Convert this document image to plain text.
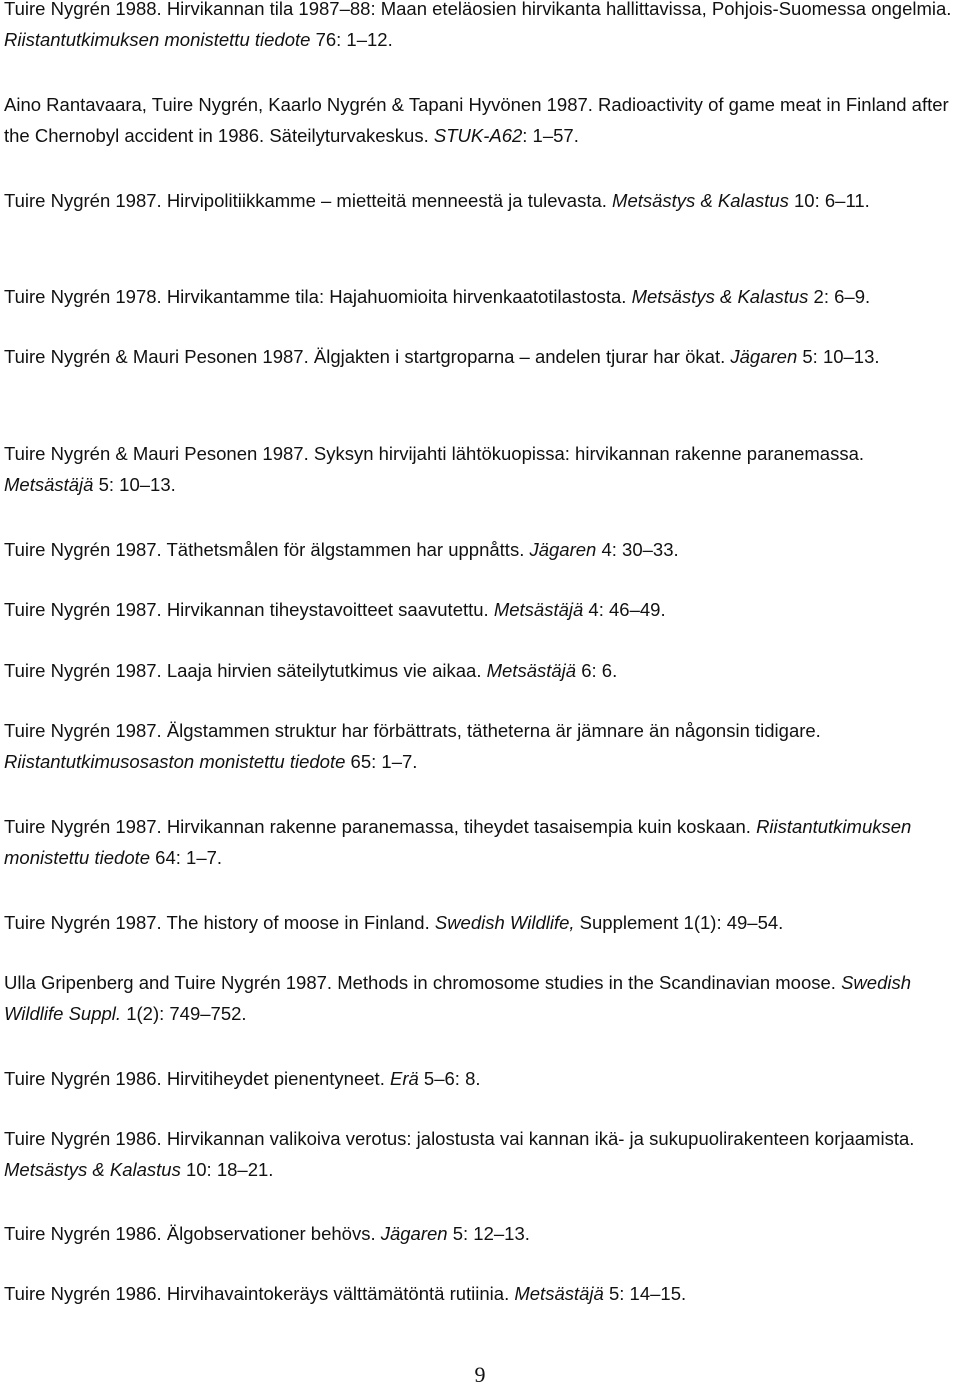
Tuire Nygrén 1988. Hirvikannan tila 1987–88: Maan eteläosien hirvikanta hallittavissa, Pohjois-Suomessa ongelmia. Riistantutkimuksen monistettu tiedote 76: 1–12.

Aino Rantavaara, Tuire Nygrén, Kaarlo Nygrén & Tapani Hyvönen 1987. Radioactivity of game meat in Finland after the Chernobyl accident in 1986. Säteilyturvakeskus. STUK-A62: 1–57.

Tuire Nygrén 1987. Hirvipolitiikkamme – mietteitä menneestä ja tulevasta. Metsästys & Kalastus 10: 6–11.

Tuire Nygrén 1978. Hirvikantamme tila: Hajahuomioita hirvenkaatotilastosta. Metsästys & Kalastus 2: 6–9.

Tuire Nygrén & Mauri Pesonen 1987. Älgjakten i startgroparna – andelen tjurar har ökat. Jägaren 5: 10–13.

Tuire Nygrén & Mauri Pesonen 1987. Syksyn hirvijahti lähtökuopissa: hirvikannan rakenne paranemassa. Metsästäjä 5: 10–13.

Tuire Nygrén 1987. Täthetsmålen för älgstammen har uppnåtts. Jägaren 4: 30–33.

Tuire Nygrén 1987. Hirvikannan tiheystavoitteet saavutettu. Metsästäjä 4: 46–49.

Tuire Nygrén 1987. Laaja hirvien säteilytutkimus vie aikaa. Metsästäjä 6: 6.

Tuire Nygrén 1987. Älgstammen struktur har förbättrats, tätheterna är jämnare än någonsin tidigare. Riistantutkimusosaston monistettu tiedote 65: 1–7.

Tuire Nygrén 1987. Hirvikannan rakenne paranemassa, tiheydet tasaisempia kuin koskaan. Riistantutkimuksen monistettu tiedote 64: 1–7.

Tuire Nygrén 1987. The history of moose in Finland. Swedish Wildlife, Supplement 1(1): 49–54.

Ulla Gripenberg and Tuire Nygrén 1987. Methods in chromosome studies in the Scandinavian moose. Swedish Wildlife Suppl. 1(2): 749–752.

Tuire Nygrén 1986. Hirvitiheydet pienentyneet. Erä 5–6: 8.

Tuire Nygrén 1986. Hirvikannan valikoiva verotus: jalostusta vai kannan ikä- ja sukupuolirakenteen korjaamista. Metsästys & Kalastus 10: 18–21.

Tuire Nygrén 1986. Älgobservationer behövs. Jägaren 5: 12–13.

Tuire Nygrén 1986. Hirvihavaintokeräys välttämätöntä rutiinia. Metsästäjä 5: 14–15.

9
